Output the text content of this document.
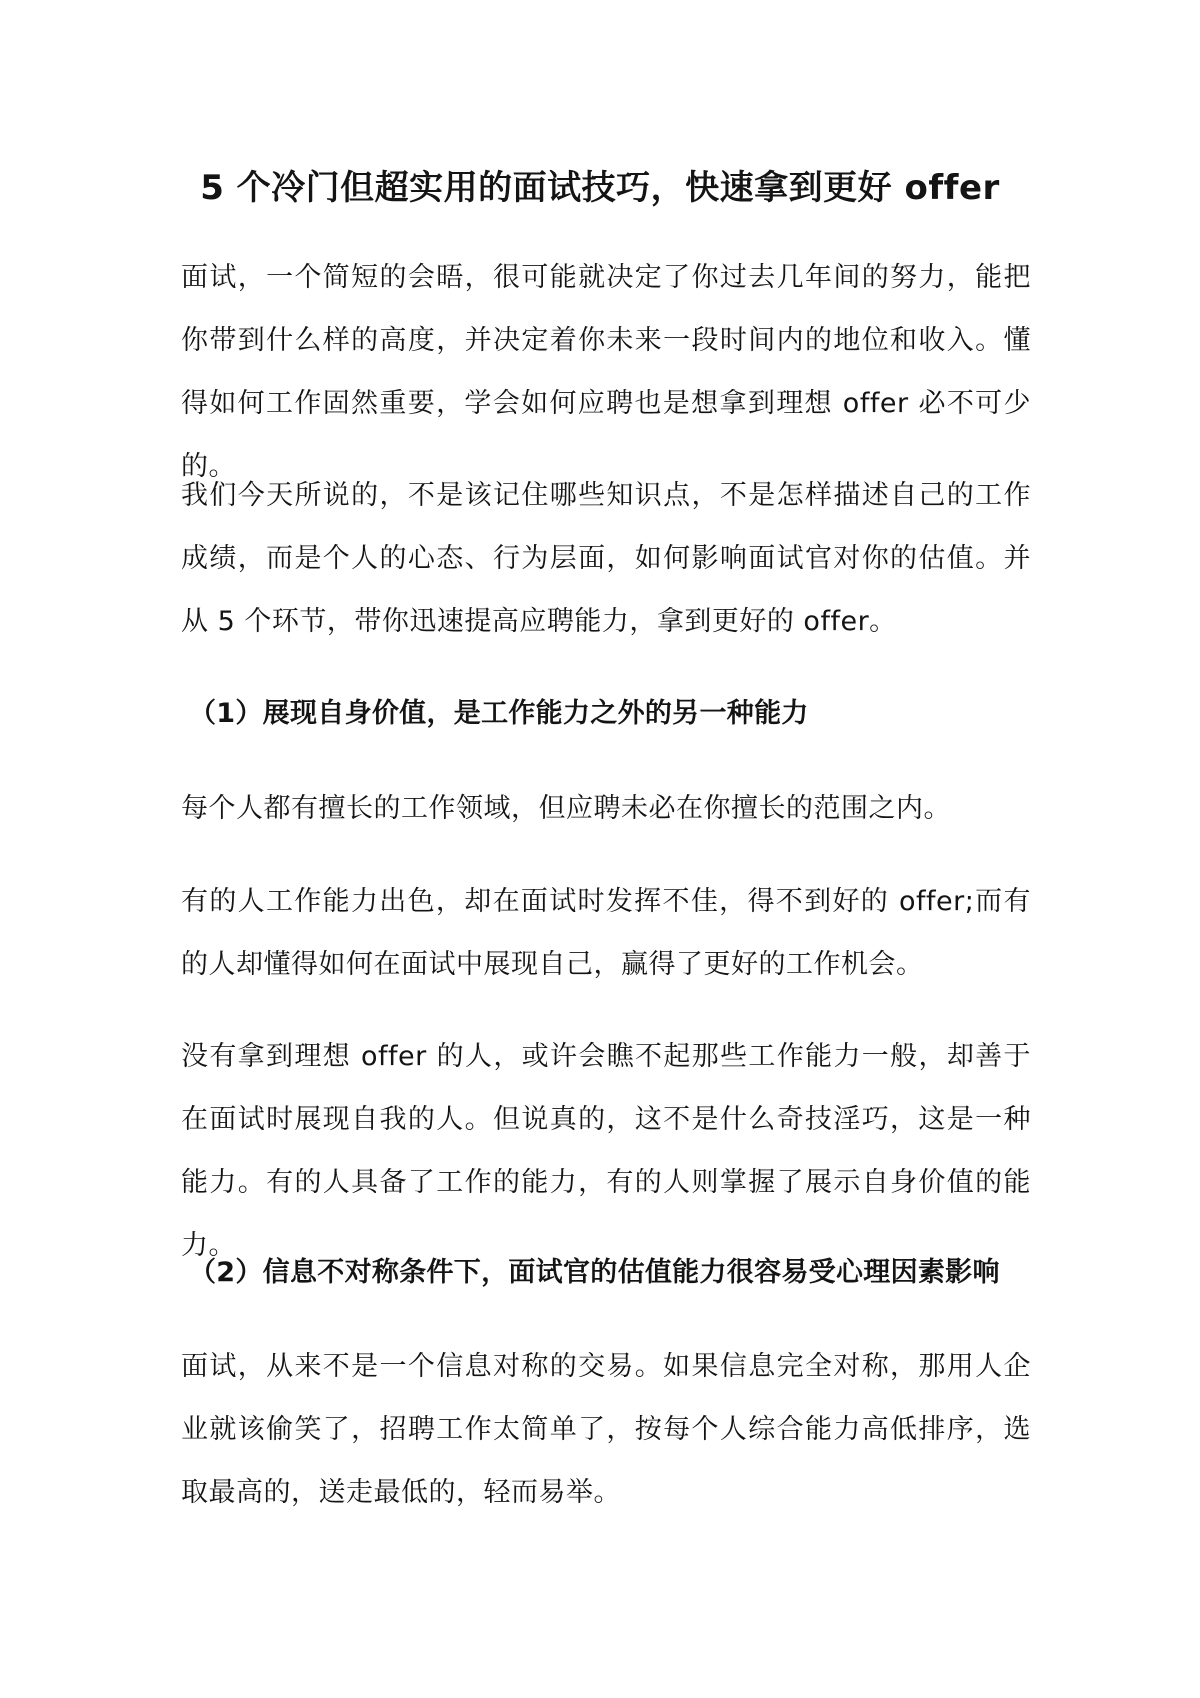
5 个冷门但超实用的面试技巧，快速拿到更好 offer

面试，一个简短的会晤，很可能就决定了你过去几年间的努力，能把你带到什么样的高度，并决定着你未来一段时间内的地位和收入。懂得如何工作固然重要，学会如何应聘也是想拿到理想 offer 必不可少的。

我们今天所说的，不是该记住哪些知识点，不是怎样描述自己的工作成绩，而是个人的心态、行为层面，如何影响面试官对你的估值。并从 5 个环节，带你迅速提高应聘能力，拿到更好的 offer。

（1）展现自身价值，是工作能力之外的另一种能力

每个人都有擅长的工作领域，但应聘未必在你擅长的范围之内。

有的人工作能力出色，却在面试时发挥不佳，得不到好的 offer;而有的人却懂得如何在面试中展现自己，赢得了更好的工作机会。

没有拿到理想 offer 的人，或许会瞧不起那些工作能力一般，却善于在面试时展现自我的人。但说真的，这不是什么奇技淫巧，这是一种能力。有的人具备了工作的能力，有的人则掌握了展示自身价值的能力。

（2）信息不对称条件下，面试官的估值能力很容易受心理因素影响

面试，从来不是一个信息对称的交易。如果信息完全对称，那用人企业就该偷笑了，招聘工作太简单了，按每个人综合能力高低排序，选取最高的，送走最低的，轻而易举。
